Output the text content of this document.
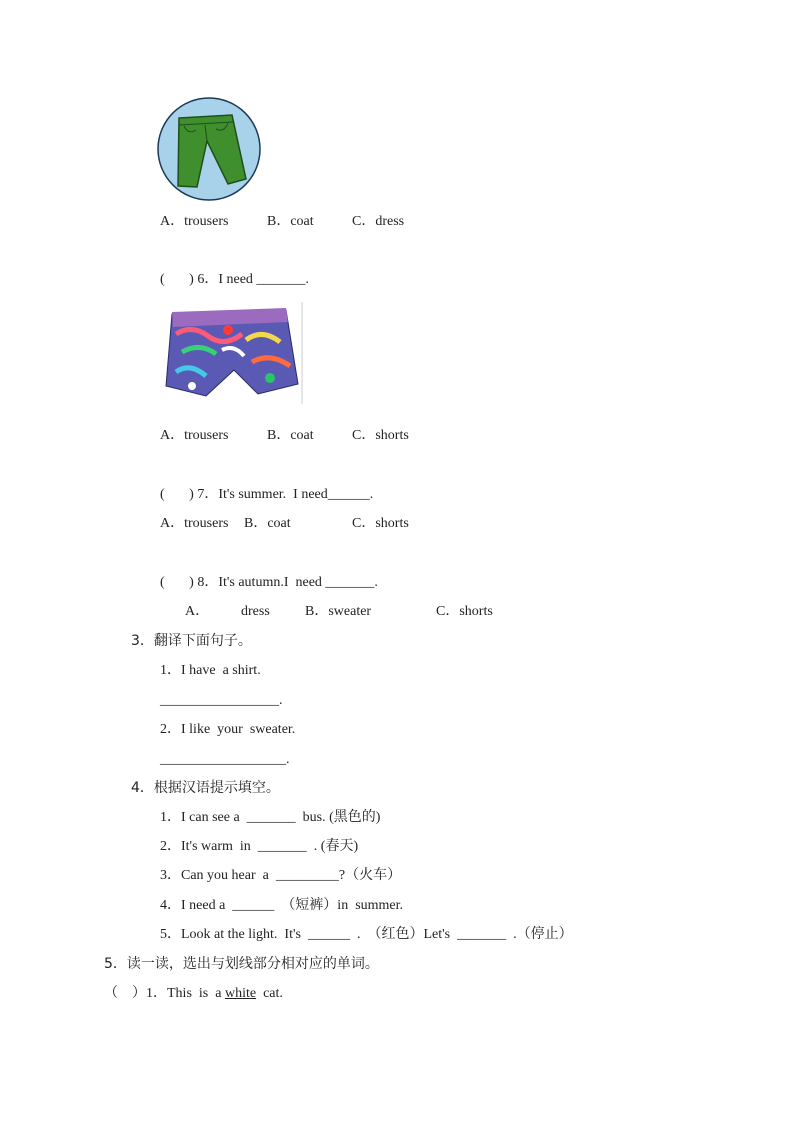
A．trousers	B．coat	C．dress
(       ) 6．I need _______.
A．trousers	B．coat	C．shorts
(       ) 7．It's summer.  I need______.
A．trousers B．coat	C．shorts
(       ) 8．It's autumn.I  need _______.
A． dress	B．sweater	C．shorts
3．翻译下面句子。
1．I have  a shirt.
_________________.
2．I like  your  sweater.
__________________.
4．根据汉语提示填空。
1．I can see a  _______  bus. (黑色的)
2．It's warm  in  _______  . (春天)
3．Can you hear  a  _________?（火车）
4．I need a  ______  （短裤）in  summer.
5．Look at the light.  It's  ______  .  （红色）Let's  _______  .（停止）
5．读一读，选出与划线部分相对应的单词。
（    ）1．This  is  a white  cat.
